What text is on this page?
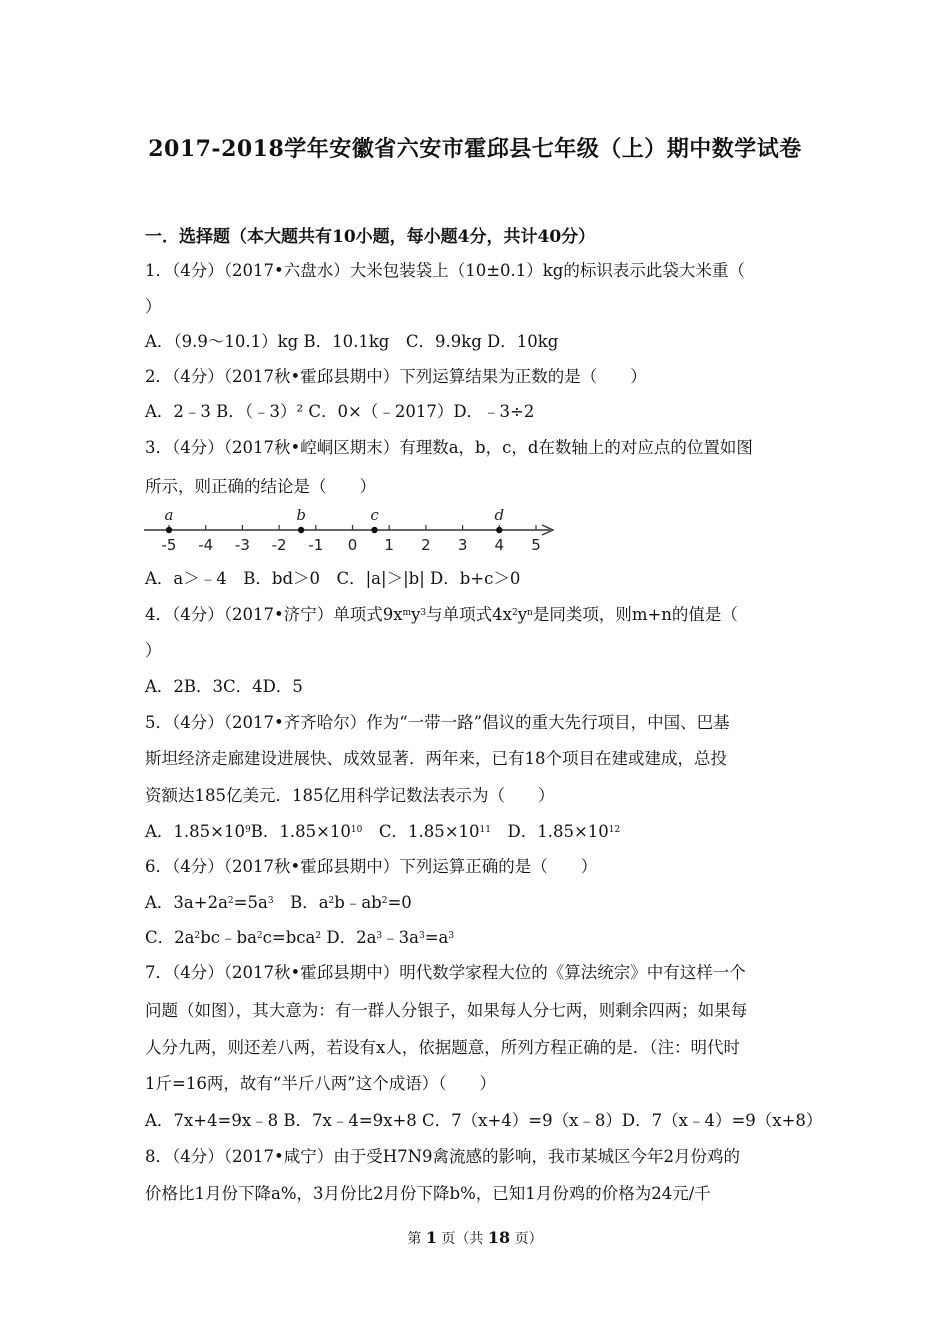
2017-2018学年安徽省六安市霍邱县七年级（上）期中数学试卷
一．选择题（本大题共有10小题，每小题4分，共计40分）
1．（4分）（2017•六盘水）大米包装袋上（10±0.1）kg的标识表示此袋大米重（
）
A．（9.9～10.1）kg B．10.1kg　C．9.9kg D．10kg
2．（4分）（2017秋•霍邱县期中）下列运算结果为正数的是（　　）
A．2﹣3 B．（﹣3）² C．0×（﹣2017）D．﹣3÷2
3．（4分）（2017秋•崆峒区期末）有理数a，b，c，d在数轴上的对应点的位置如图
所示，则正确的结论是（　　）
-5 -4 -3 -2 -1 0 1 2 3 4 5
a	b	c	d
A．a＞﹣4　B．bd＞0　C．|a|＞|b| D．b+c＞0
4．（4分）（2017•济宁）单项式$9x^my^3$与单项式$4x^2y^n$是同类项，则m+n的值是（
）
A．2B．3C．4D．5
5．（4分）（2017•齐齐哈尔）作为“一带一路”倡议的重大先行项目，中国、巴基
斯坦经济走廊建设进展快、成效显著．两年来，已有18个项目在建或建成，总投
资额达185亿美元．185亿用科学记数法表示为（　　）
A．$1.85\times 10^9B$．$1.85\times 10^{10}$　C．$1.85\times 10^{11}$　D．$1.85\times 10^{12}$
6．（4分）（2017秋•霍邱县期中）下列运算正确的是（　　）
A．$3a+2a^2=5a^3$　B．$a^2b﹣ab^2=0$
C．$2a^2bc﹣ba^2c=bca^2$ D．$2a^3﹣3a^3=a^3$
7．（4分）（2017秋•霍邱县期中）明代数学家程大位的《算法统宗》中有这样一个
问题（如图），其大意为：有一群人分银子，如果每人分七两，则剩余四两；如果每
人分九两，则还差八两，若设有x人，依据题意，所列方程正确的是．（注：明代时
1斤=16两，故有“半斤八两”这个成语）（　　）
A．7x+4=9x﹣8 B．7x﹣4=9x+8 C．7（x+4）=9（x﹣8）D．7（x﹣4）=9（x+8）
8．（4分）（2017•咸宁）由于受H7N9禽流感的影响，我市某城区今年2月份鸡的
价格比1月份下降a%，3月份比2月份下降b%，已知1月份鸡的价格为24元/千
第 1 页（共 18 页）
